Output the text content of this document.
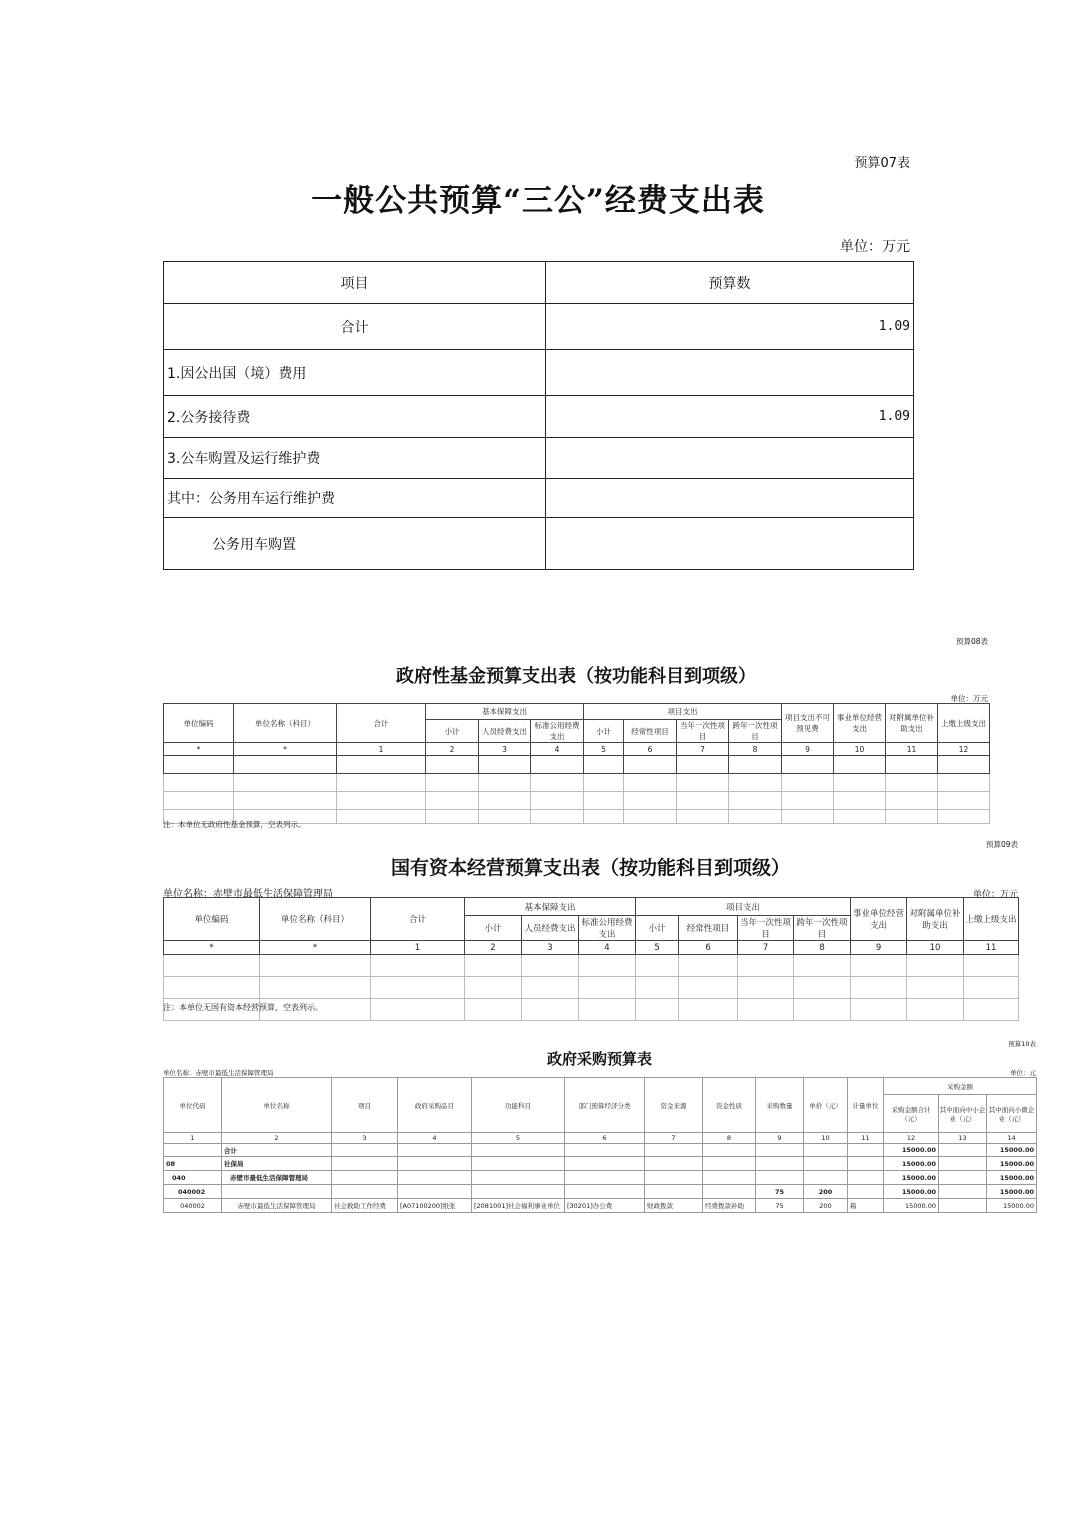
预算07表
一般公共预算“三公”经费支出表
单位：万元
项目	预算数
合计	1.09
1.因公出国（境）费用	
2.公务接待费	1.09
3.公车购置及运行维护费	
其中：公务用车运行维护费	
公务用车购置	
预算08表
政府性基金预算支出表（按功能科目到项级）
单位：万元
单位编码	单位名称（科目）	合计	基本保障支出			项目支出				项目支出不可预见费	事业单位经营支出	对附属单位补助支出	上缴上级支出
			小计	人员经费支出	标准公用经费支出	小计	经常性项目	当年一次性项目	跨年一次性项目				
*	*	1	2	3	4	5	6	7	8	9	10	11	12

注：本单位无政府性基金预算，空表列示。
预算09表
国有资本经营预算支出表（按功能科目到项级）
单位名称：赤壁市最低生活保障管理局	单位：万元
单位编码	单位名称（科目）	合计	基本保障支出			项目支出				事业单位经营支出	对附属单位补助支出	上缴上级支出
			小计	人员经费支出	标准公用经费支出	小计	经常性项目	当年一次性项目	跨年一次性项目			
*	*	1	2	3	4	5	6	7	8	9	10	11

注：本单位无国有资本经营预算，空表列示。
预算10表
政府采购预算表
单位名称：赤壁市最低生活保障管理局	单位：元
单位代码	单位名称	项目	政府采购品目	功能科目	部门预算经济分类	资金来源	资金性质	采购数量	单价（元）	计量单位	采购金额		
											采购金额合计（元）	其中面向中小企业（元）	其中面向小微企业（元）
1	2	3	4	5	6	7	8	9	10	11	12	13	14
	合计										15000.00		15000.00
08	社保局										15000.00		15000.00
040	赤壁市最低生活保障管理局										15000.00		15000.00
040002								75	200		15000.00		15000.00
040002	赤壁市最低生活保障管理局	社会救助工作经费	[A07100200]纸张	[2081001]社会福利事业单位	[30201]办公费	财政拨款	经费拨款补助	75	200	箱	15000.00		15000.00
